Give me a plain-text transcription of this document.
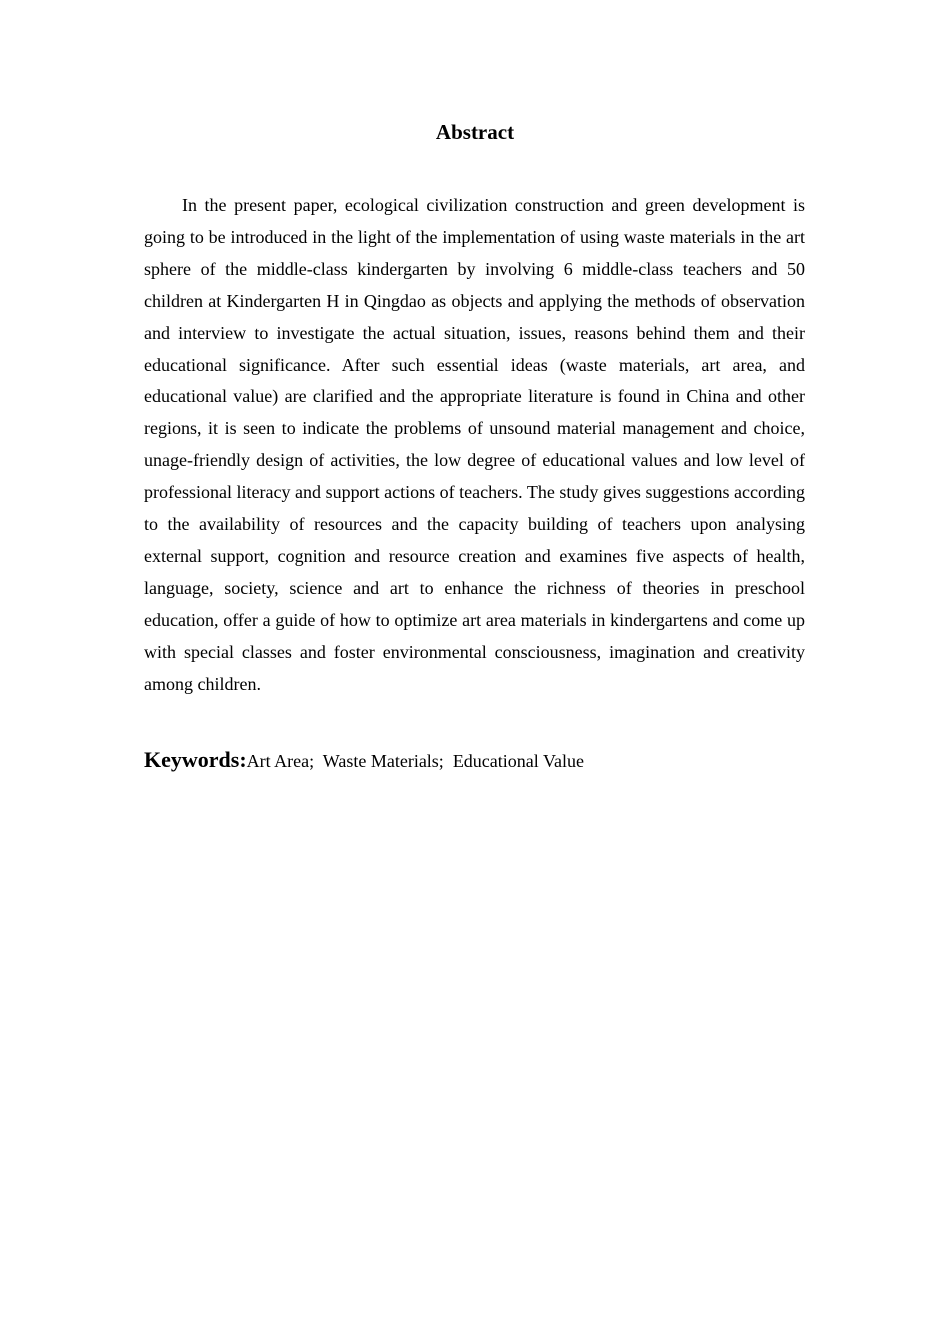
Abstract

In the present paper, ecological civilization construction and green development is going to be introduced in the light of the implementation of using waste materials in the art sphere of the middle-class kindergarten by involving 6 middle-class teachers and 50 children at Kindergarten H in Qingdao as objects and applying the methods of observation and interview to investigate the actual situation, issues, reasons behind them and their educational significance. After such essential ideas (waste materials, art area, and educational value) are clarified and the appropriate literature is found in China and other regions, it is seen to indicate the problems of unsound material management and choice, unage-friendly design of activities, the low degree of educational values and low level of professional literacy and support actions of teachers. The study gives suggestions according to the availability of resources and the capacity building of teachers upon analysing external support, cognition and resource creation and examines five aspects of health, language, society, science and art to enhance the richness of theories in preschool education, offer a guide of how to optimize art area materials in kindergartens and come up with special classes and foster environmental consciousness, imagination and creativity among children.

Keywords:Art Area;  Waste Materials;  Educational Value
